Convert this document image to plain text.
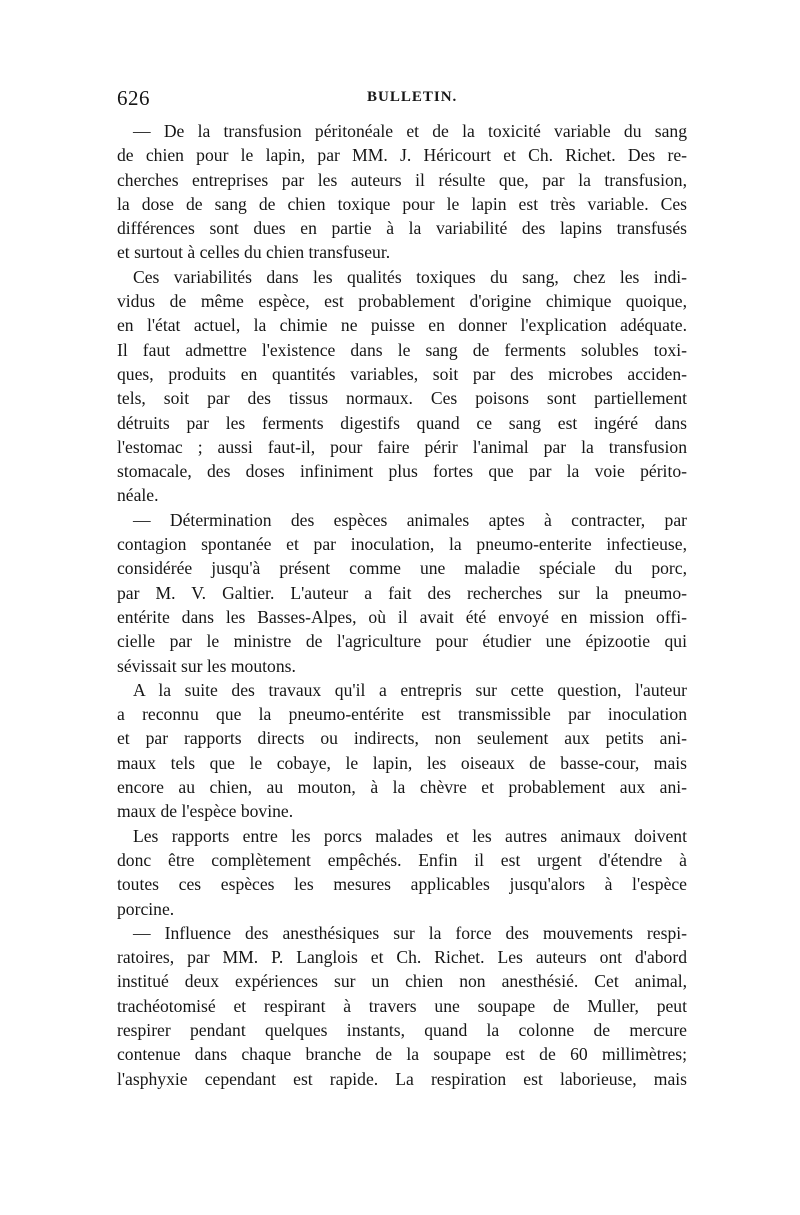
626	BULLETIN.
— De la transfusion péritonéale et de la toxicité variable du sang
de chien pour le lapin, par MM. J. Héricourt et Ch. Richet. Des re-
cherches entreprises par les auteurs il résulte que, par la transfusion,
la dose de sang de chien toxique pour le lapin est très variable. Ces
différences sont dues en partie à la variabilité des lapins transfusés
et surtout à celles du chien transfuseur.
Ces variabilités dans les qualités toxiques du sang, chez les indi-
vidus de même espèce, est probablement d'origine chimique quoique,
en l'état actuel, la chimie ne puisse en donner l'explication adéquate.
Il faut admettre l'existence dans le sang de ferments solubles toxi-
ques, produits en quantités variables, soit par des microbes acciden-
tels, soit par des tissus normaux. Ces poisons sont partiellement
détruits par les ferments digestifs quand ce sang est ingéré dans
l'estomac ; aussi faut-il, pour faire périr l'animal par la transfusion
stomacale, des doses infiniment plus fortes que par la voie périto-
néale.
— Détermination des espèces animales aptes à contracter, par
contagion spontanée et par inoculation, la pneumo-enterite infectieuse,
considérée jusqu'à présent comme une maladie spéciale du porc,
par M. V. Galtier. L'auteur a fait des recherches sur la pneumo-
entérite dans les Basses-Alpes, où il avait été envoyé en mission offi-
cielle par le ministre de l'agriculture pour étudier une épizootie qui
sévissait sur les moutons.
A la suite des travaux qu'il a entrepris sur cette question, l'auteur
a reconnu que la pneumo-entérite est transmissible par inoculation
et par rapports directs ou indirects, non seulement aux petits ani-
maux tels que le cobaye, le lapin, les oiseaux de basse-cour, mais
encore au chien, au mouton, à la chèvre et probablement aux ani-
maux de l'espèce bovine.
Les rapports entre les porcs malades et les autres animaux doivent
donc être complètement empêchés. Enfin il est urgent d'étendre à
toutes ces espèces les mesures applicables jusqu'alors à l'espèce
porcine.
— Influence des anesthésiques sur la force des mouvements respi-
ratoires, par MM. P. Langlois et Ch. Richet. Les auteurs ont d'abord
institué deux expériences sur un chien non anesthésié. Cet animal,
trachéotomisé et respirant à travers une soupape de Muller, peut
respirer pendant quelques instants, quand la colonne de mercure
contenue dans chaque branche de la soupape est de 60 millimètres;
l'asphyxie cependant est rapide. La respiration est laborieuse, mais
